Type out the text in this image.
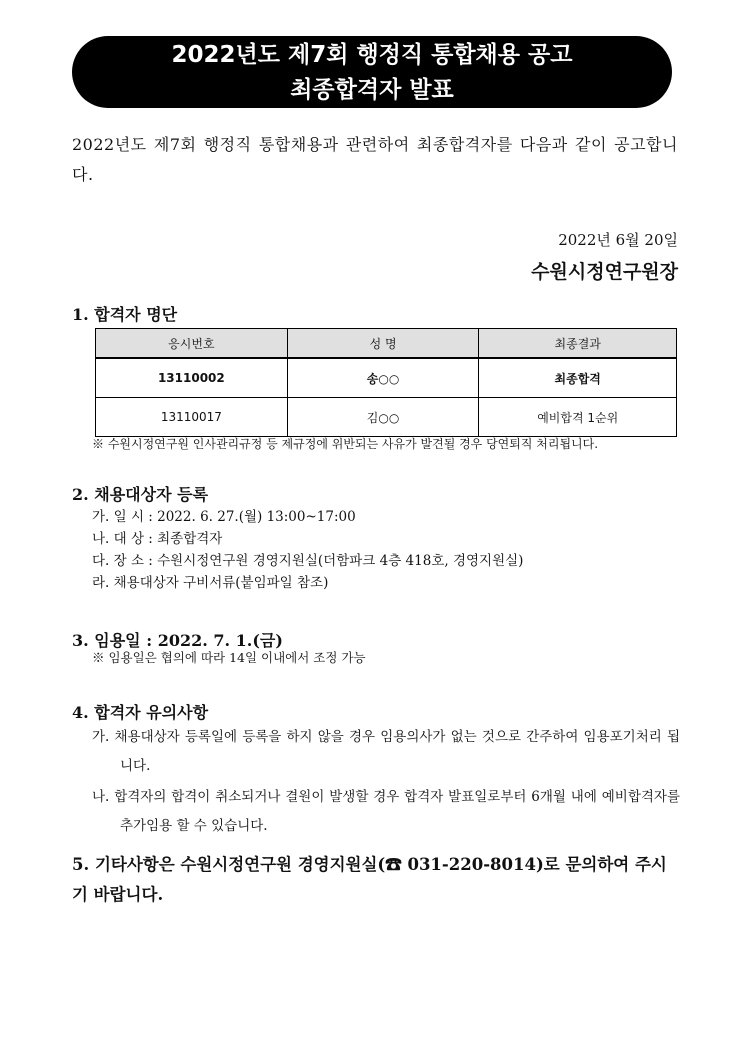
2022년도 제7회 행정직 통합채용 공고
최종합격자 발표
2022년도 제7회 행정직 통합채용과 관련하여 최종합격자를 다음과 같이 공고합니다.
2022년 6월 20일
수원시정연구원장
1. 합격자 명단
응시번호	성 명	최종결과
13110002	송○○	최종합격
13110017	김○○	예비합격 1순위
※ 수원시정연구원 인사관리규정 등 제규정에 위반되는 사유가 발견될 경우 당연퇴직 처리됩니다.
2. 채용대상자 등록
가. 일 시 : 2022. 6. 27.(월) 13:00~17:00
나. 대 상 : 최종합격자
다. 장 소 : 수원시정연구원 경영지원실(더함파크 4층 418호, 경영지원실)
라. 채용대상자 구비서류(붙임파일 참조)
3. 임용일 : 2022. 7. 1.(금)
※ 임용일은 협의에 따라 14일 이내에서 조정 가능
4. 합격자 유의사항
가. 채용대상자 등록일에 등록을 하지 않을 경우 임용의사가 없는 것으로 간주하여 임용포기처리 됩니다.
나. 합격자의 합격이 취소되거나 결원이 발생할 경우 합격자 발표일로부터 6개월 내에 예비합격자를 추가임용 할 수 있습니다.
5. 기타사항은 수원시정연구원 경영지원실(☎ 031-220-8014)로 문의하여 주시기 바랍니다.
